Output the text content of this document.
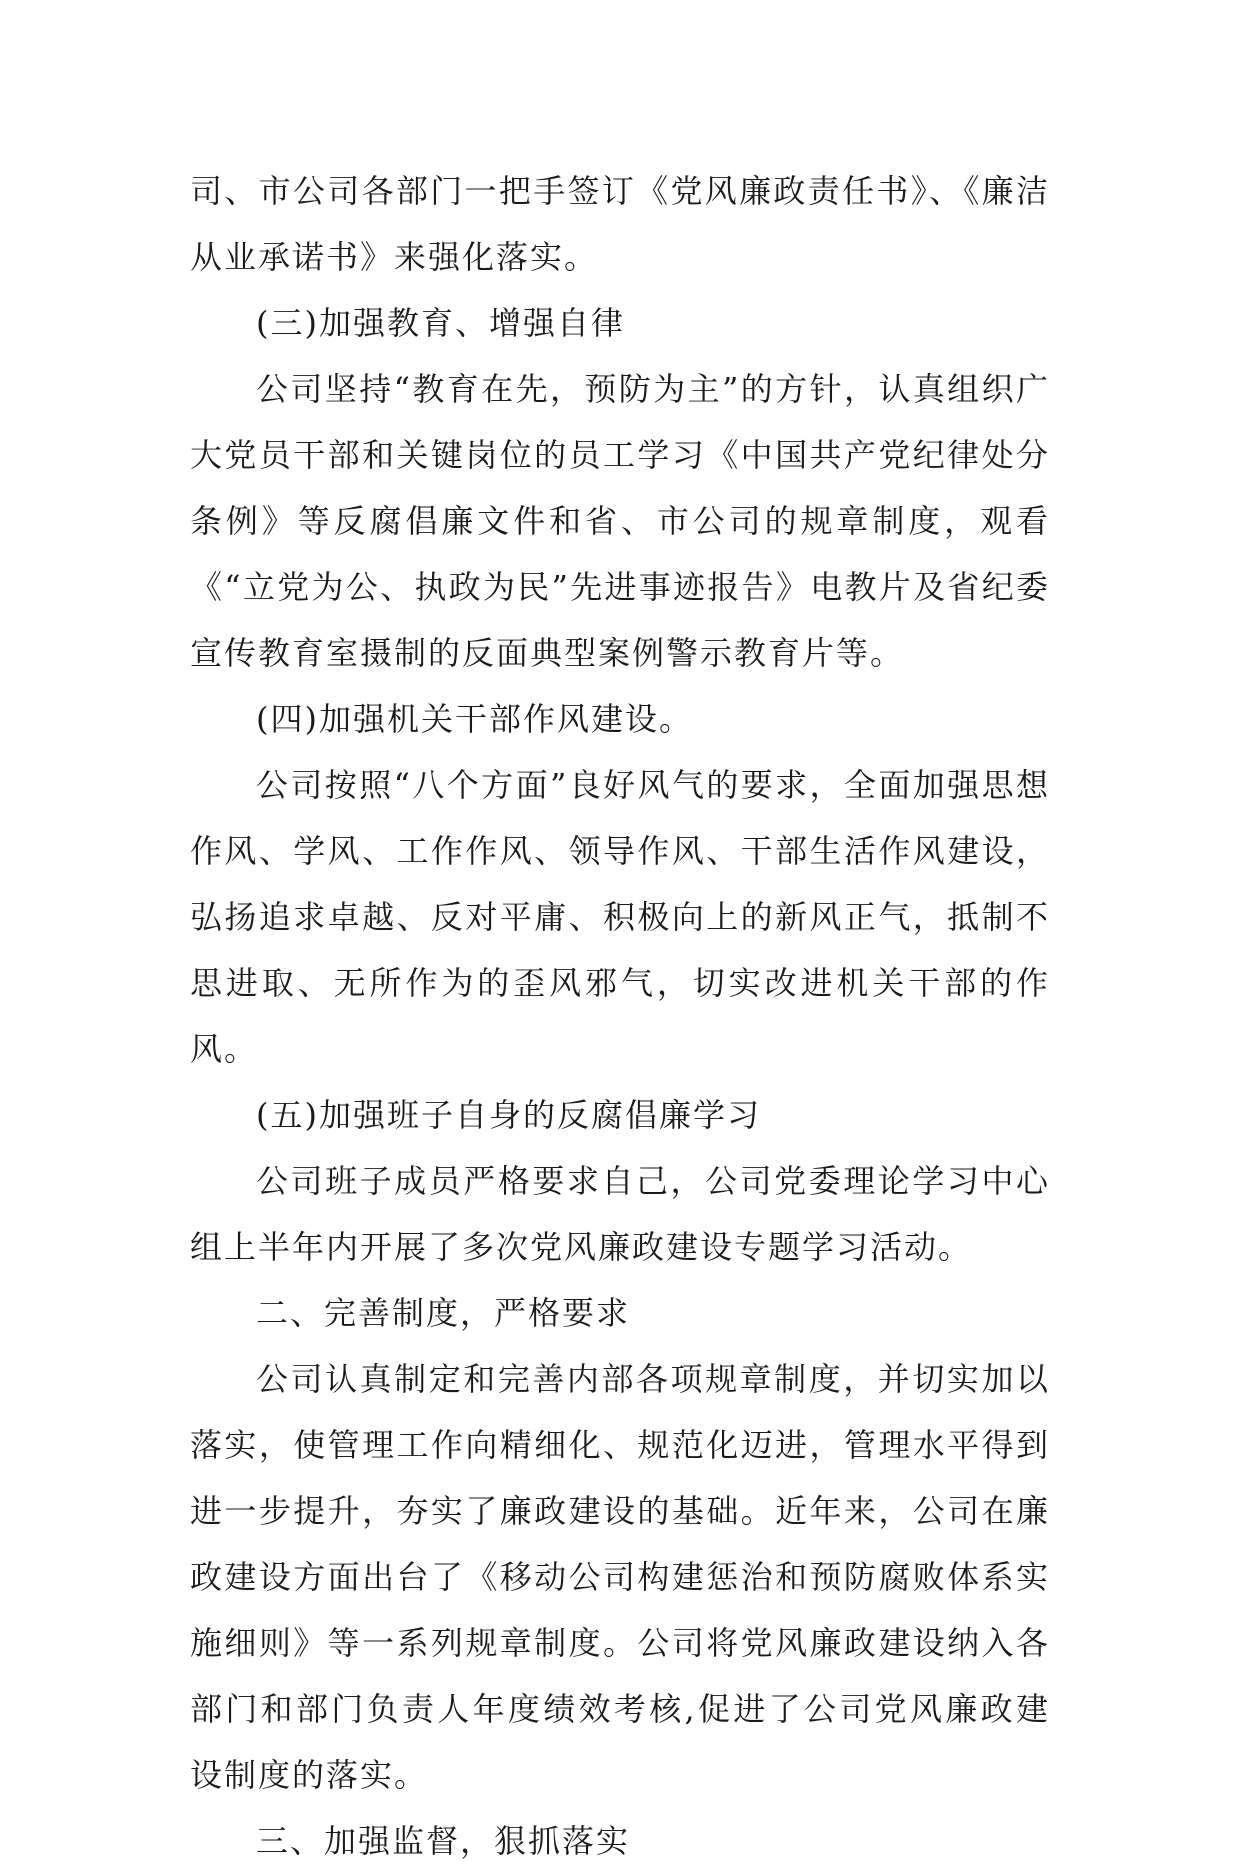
司、市公司各部门一把手签订《党风廉政责任书》、《廉洁从业承诺书》来强化落实。

(三)加强教育、增强自律

公司坚持“教育在先，预防为主”的方针，认真组织广大党员干部和关键岗位的员工学习《中国共产党纪律处分条例》等反腐倡廉文件和省、市公司的规章制度，观看《“立党为公、执政为民”先进事迹报告》电教片及省纪委宣传教育室摄制的反面典型案例警示教育片等。

(四)加强机关干部作风建设。

公司按照“八个方面”良好风气的要求，全面加强思想作风、学风、工作作风、领导作风、干部生活作风建设，弘扬追求卓越、反对平庸、积极向上的新风正气，抵制不思进取、无所作为的歪风邪气，切实改进机关干部的作风。

(五)加强班子自身的反腐倡廉学习

公司班子成员严格要求自己，公司党委理论学习中心组上半年内开展了多次党风廉政建设专题学习活动。

二、完善制度，严格要求

公司认真制定和完善内部各项规章制度，并切实加以落实，使管理工作向精细化、规范化迈进，管理水平得到进一步提升，夯实了廉政建设的基础。近年来，公司在廉政建设方面出台了《移动公司构建惩治和预防腐败体系实施细则》等一系列规章制度。公司将党风廉政建设纳入各部门和部门负责人年度绩效考核,促进了公司党风廉政建设制度的落实。

三、加强监督，狠抓落实
